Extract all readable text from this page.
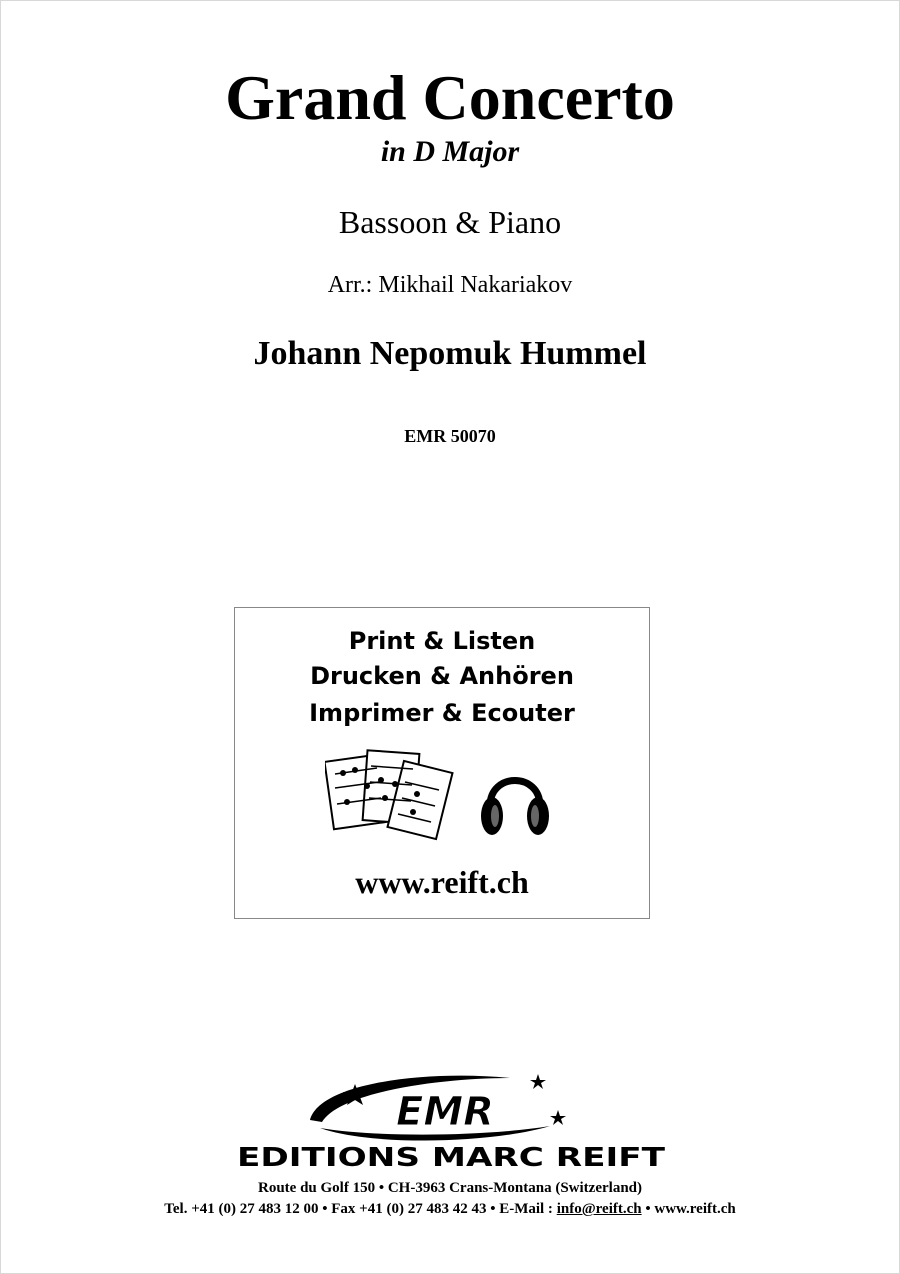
Grand Concerto
in D Major
Bassoon & Piano
Arr.: Mikhail Nakariakov
Johann Nepomuk Hummel
EMR 50070
Print & Listen
Drucken & Anhören
Imprimer & Ecouter
www.reift.ch
EMR
EDITIONS MARC REIFT
Route du Golf 150 • CH-3963 Crans-Montana (Switzerland)
Tel. +41 (0) 27 483 12 00 • Fax +41 (0) 27 483 42 43 • E-Mail : info@reift.ch • www.reift.ch
